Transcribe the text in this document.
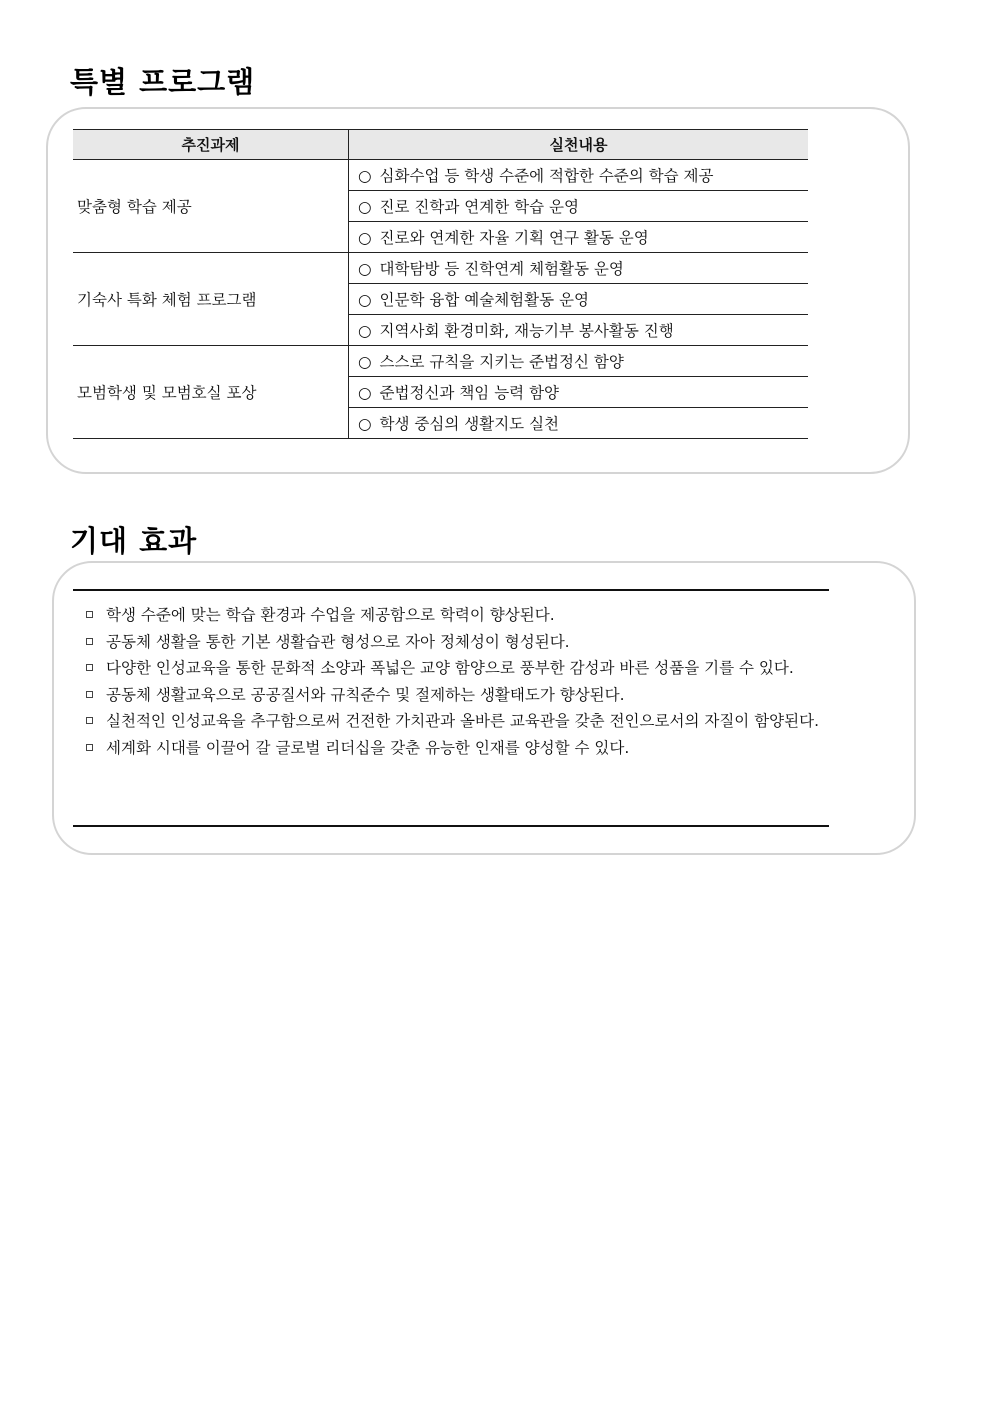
특별 프로그램
추진과제	실천내용
맞춤형 학습 제공	○ 심화수업 등 학생 수준에 적합한 수준의 학습 제공
	○ 진로 진학과 연계한 학습 운영
	○ 진로와 연계한 자율 기획 연구 활동 운영
기숙사 특화 체험 프로그램	○ 대학탐방 등 진학연계 체험활동 운영
	○ 인문학 융합 예술체험활동 운영
	○ 지역사회 환경미화, 재능기부 봉사활동 진행
모범학생 및 모범호실 포상	○ 스스로 규칙을 지키는 준법정신 함양
	○ 준법정신과 책임 능력 함양
	○ 학생 중심의 생활지도 실천
기대 효과
학생 수준에 맞는 학습 환경과 수업을 제공함으로 학력이 향상된다.
공동체 생활을 통한 기본 생활습관 형성으로 자아 정체성이 형성된다.
다양한 인성교육을 통한 문화적 소양과 폭넓은 교양 함양으로 풍부한 감성과 바른 성품을 기를 수 있다.
공동체 생활교육으로 공공질서와 규칙준수 및 절제하는 생활태도가 향상된다.
실천적인 인성교육을 추구함으로써 건전한 가치관과 올바른 교육관을 갖춘 전인으로서의 자질이 함양된다.
세계화 시대를 이끌어 갈 글로벌 리더십을 갖춘 유능한 인재를 양성할 수 있다.
